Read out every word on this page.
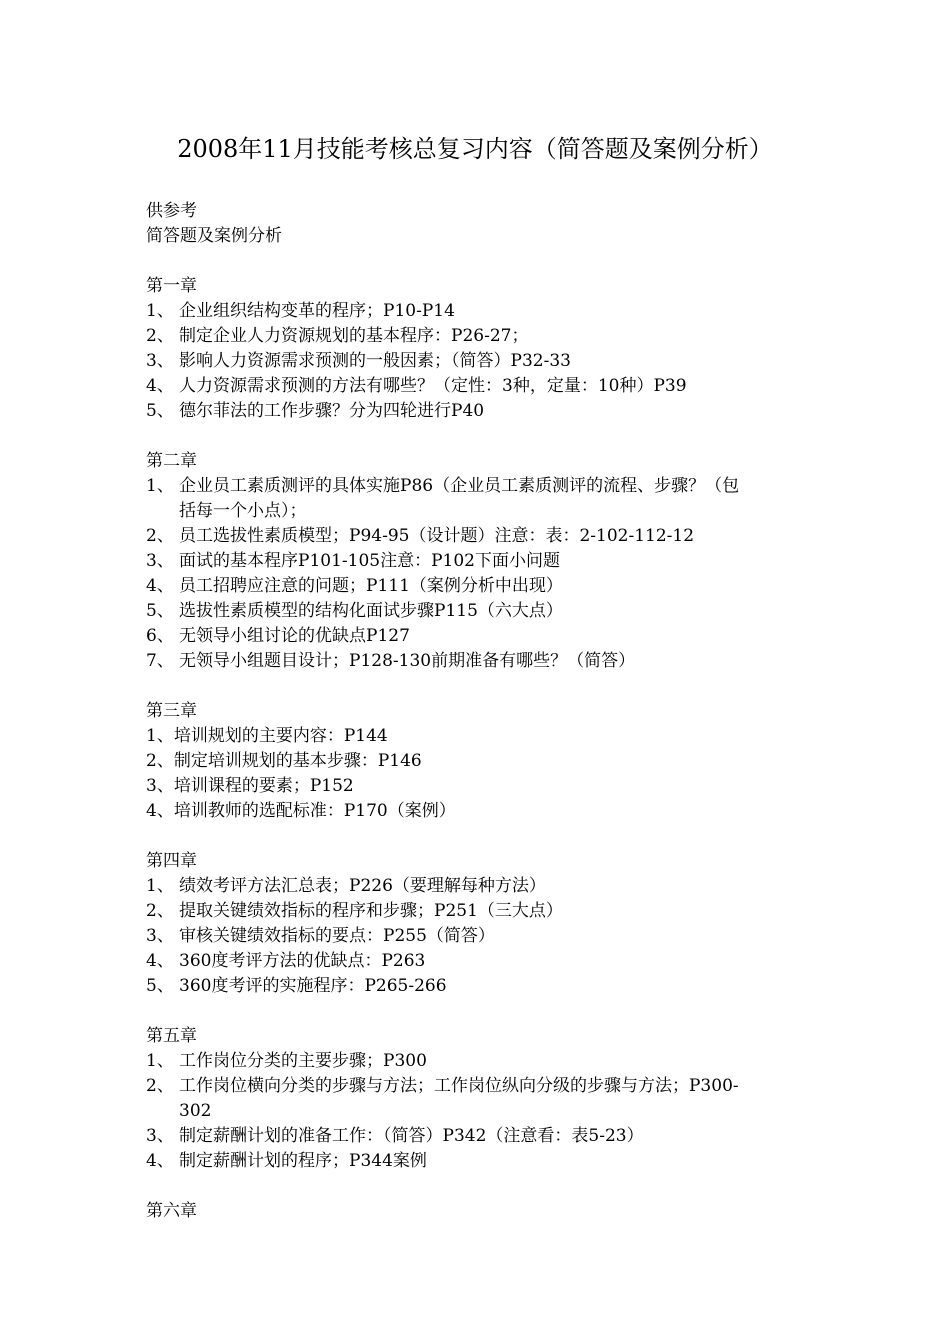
2008年11月技能考核总复习内容（简答题及案例分析）
供参考
简答题及案例分析
第一章
1、 企业组织结构变革的程序；P10-P14
2、 制定企业人力资源规划的基本程序：P26-27；
3、 影响人力资源需求预测的一般因素；（简答）P32-33
4、 人力资源需求预测的方法有哪些？（定性：3种，定量：10种）P39
5、 德尔菲法的工作步骤？分为四轮进行P40
第二章
1、 企业员工素质测评的具体实施P86（企业员工素质测评的流程、步骤？（包
括每一个小点）；
2、 员工选拔性素质模型；P94-95（设计题）注意：表：2-102-112-12
3、 面试的基本程序P101-105注意：P102下面小问题
4、 员工招聘应注意的问题；P111（案例分析中出现）
5、 选拔性素质模型的结构化面试步骤P115（六大点）
6、 无领导小组讨论的优缺点P127
7、 无领导小组题目设计；P128-130前期准备有哪些？（简答）
第三章
1、 培训规划的主要内容：P144
2、 制定培训规划的基本步骤：P146
3、 培训课程的要素；P152
4、 培训教师的选配标准：P170（案例）
第四章
1、 绩效考评方法汇总表；P226（要理解每种方法）
2、 提取关键绩效指标的程序和步骤；P251（三大点）
3、 审核关键绩效指标的要点：P255（简答）
4、 360度考评方法的优缺点：P263
5、 360度考评的实施程序：P265-266
第五章
1、 工作岗位分类的主要步骤；P300
2、 工作岗位横向分类的步骤与方法；工作岗位纵向分级的步骤与方法；P300-
302
3、 制定薪酬计划的准备工作：（简答）P342（注意看：表5-23）
4、 制定薪酬计划的程序；P344案例
第六章
